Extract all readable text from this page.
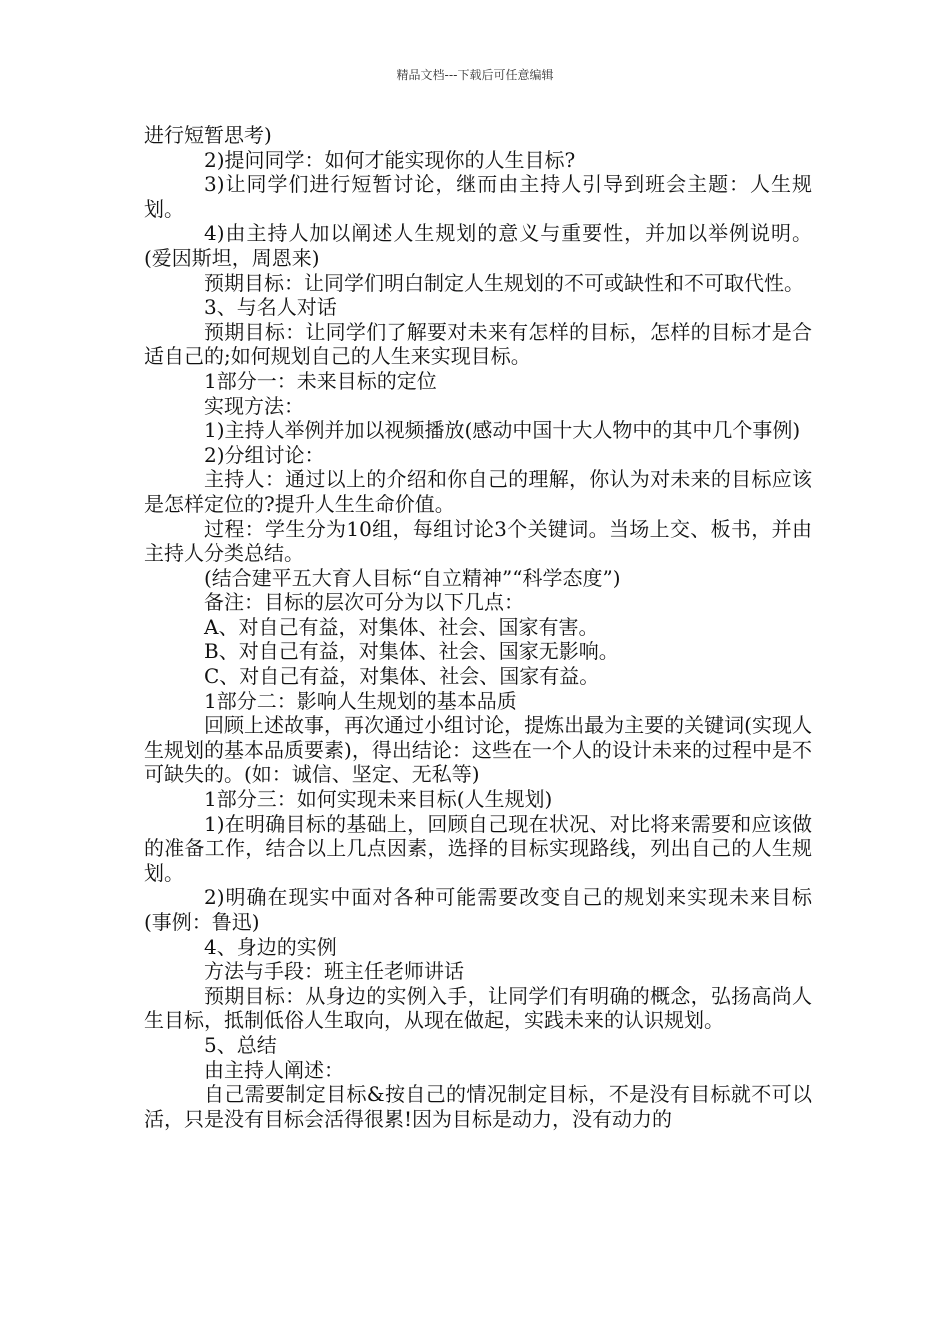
精品文档---下载后可任意编辑

进行短暂思考)

2)提问同学：如何才能实现你的人生目标?

3)让同学们进行短暂讨论，继而由主持人引导到班会主题：人生规划。

4)由主持人加以阐述人生规划的意义与重要性，并加以举例说明。(爱因斯坦，周恩来)

预期目标：让同学们明白制定人生规划的不可或缺性和不可取代性。

3、与名人对话

预期目标：让同学们了解要对未来有怎样的目标，怎样的目标才是合适自己的;如何规划自己的人生来实现目标。

1部分一：未来目标的定位

实现方法：

1)主持人举例并加以视频播放(感动中国十大人物中的其中几个事例)

2)分组讨论：

主持人：通过以上的介绍和你自己的理解，你认为对未来的目标应该是怎样定位的?提升人生生命价值。

过程：学生分为10组，每组讨论3个关键词。当场上交、板书，并由主持人分类总结。

(结合建平五大育人目标“自立精神”“科学态度”)

备注：目标的层次可分为以下几点：

A、对自己有益，对集体、社会、国家有害。

B、对自己有益，对集体、社会、国家无影响。

C、对自己有益，对集体、社会、国家有益。

1部分二：影响人生规划的基本品质

回顾上述故事，再次通过小组讨论，提炼出最为主要的关键词(实现人生规划的基本品质要素)，得出结论：这些在一个人的设计未来的过程中是不可缺失的。(如：诚信、坚定、无私等)

1部分三：如何实现未来目标(人生规划)

1)在明确目标的基础上，回顾自己现在状况、对比将来需要和应该做的准备工作，结合以上几点因素，选择的目标实现路线，列出自己的人生规划。

2)明确在现实中面对各种可能需要改变自己的规划来实现未来目标(事例：鲁迅)

4、身边的实例

方法与手段：班主任老师讲话

预期目标：从身边的实例入手，让同学们有明确的概念，弘扬高尚人生目标，抵制低俗人生取向，从现在做起，实践未来的认识规划。

5、总结

由主持人阐述：

自己需要制定目标&按自己的情况制定目标，不是没有目标就不可以活，只是没有目标会活得很累!因为目标是动力，没有动力的
